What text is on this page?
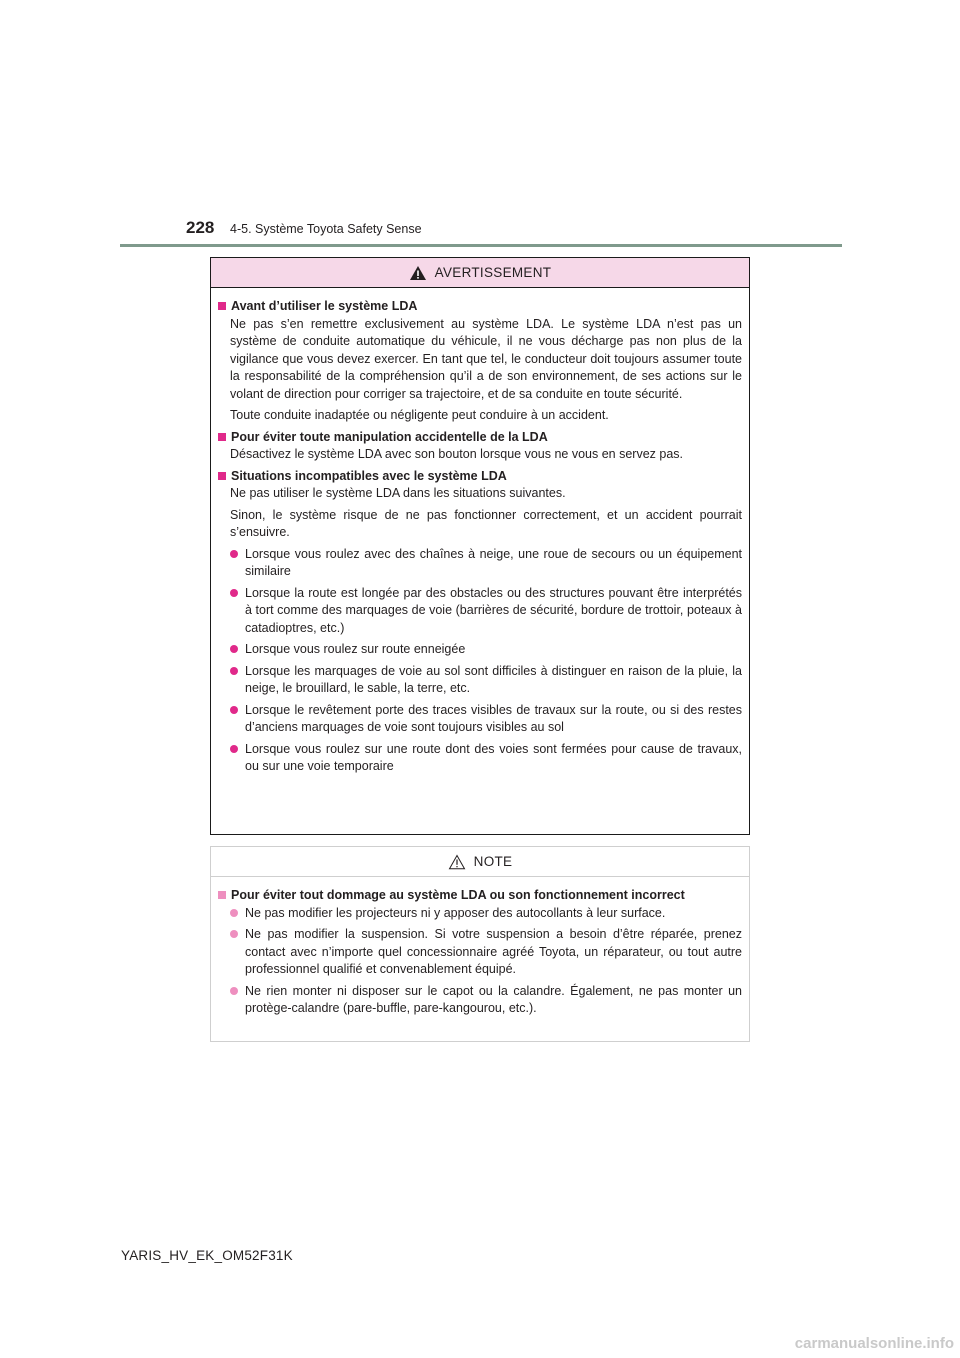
228 4-5. Système Toyota Safety Sense
AVERTISSEMENT
Avant d’utiliser le système LDA
Ne pas s’en remettre exclusivement au système LDA. Le système LDA n’est pas un système de conduite automatique du véhicule, il ne vous décharge pas non plus de la vigilance que vous devez exercer. En tant que tel, le conducteur doit toujours assumer toute la responsabilité de la compréhension qu’il a de son environnement, de ses actions sur le volant de direction pour corriger sa trajectoire, et de sa conduite en toute sécurité.
Toute conduite inadaptée ou négligente peut conduire à un accident.
Pour éviter toute manipulation accidentelle de la LDA
Désactivez le système LDA avec son bouton lorsque vous ne vous en servez pas.
Situations incompatibles avec le système LDA
Ne pas utiliser le système LDA dans les situations suivantes.
Sinon, le système risque de ne pas fonctionner correctement, et un accident pourrait s’ensuivre.
Lorsque vous roulez avec des chaînes à neige, une roue de secours ou un équipement similaire
Lorsque la route est longée par des obstacles ou des structures pouvant être interprétés à tort comme des marquages de voie (barrières de sécurité, bordure de trottoir, poteaux à catadioptres, etc.)
Lorsque vous roulez sur route enneigée
Lorsque les marquages de voie au sol sont difficiles à distinguer en raison de la pluie, la neige, le brouillard, le sable, la terre, etc.
Lorsque le revêtement porte des traces visibles de travaux sur la route, ou si des restes d’anciens marquages de voie sont toujours visibles au sol
Lorsque vous roulez sur une route dont des voies sont fermées pour cause de travaux, ou sur une voie temporaire
NOTE
Pour éviter tout dommage au système LDA ou son fonctionnement incorrect
Ne pas modifier les projecteurs ni y apposer des autocollants à leur surface.
Ne pas modifier la suspension. Si votre suspension a besoin d’être réparée, prenez contact avec n’importe quel concessionnaire agréé Toyota, un réparateur, ou tout autre professionnel qualifié et convenablement équipé.
Ne rien monter ni disposer sur le capot ou la calandre. Également, ne pas monter un protège-calandre (pare-buffle, pare-kangourou, etc.).
YARIS_HV_EK_OM52F31K
carmanualsonline.info
